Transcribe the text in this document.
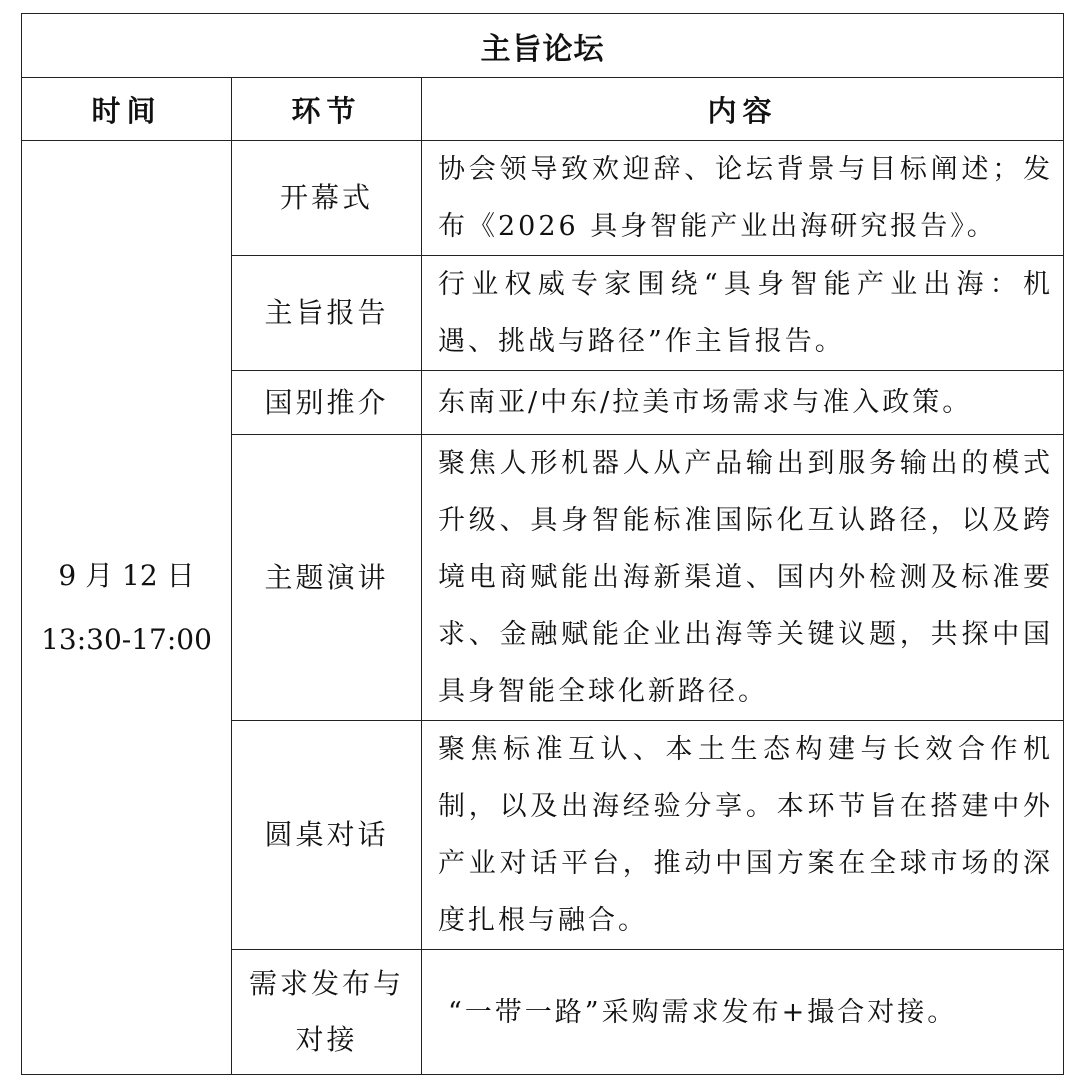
主旨论坛		
时间	环节	内容

9 月 12 日
13:30-17:00	开幕式	协会领导致欢迎辞、论坛背景与目标阐述；发布《2026 具身智能产业出海研究报告》。
	主旨报告	行业权威专家围绕“具身智能产业出海：机遇、挑战与路径”作主旨报告。
	国别推介	东南亚/中东/拉美市场需求与准入政策。
	主题演讲	聚焦人形机器人从产品输出到服务输出的模式升级、具身智能标准国际化互认路径，以及跨境电商赋能出海新渠道、国内外检测及标准要求、金融赋能企业出海等关键议题，共探中国具身智能全球化新路径。
	圆桌对话	聚焦标准互认、本土生态构建与长效合作机制，以及出海经验分享。本环节旨在搭建中外产业对话平台，推动中国方案在全球市场的深度扎根与融合。
	需求发布与对接	“一带一路”采购需求发布+撮合对接。
